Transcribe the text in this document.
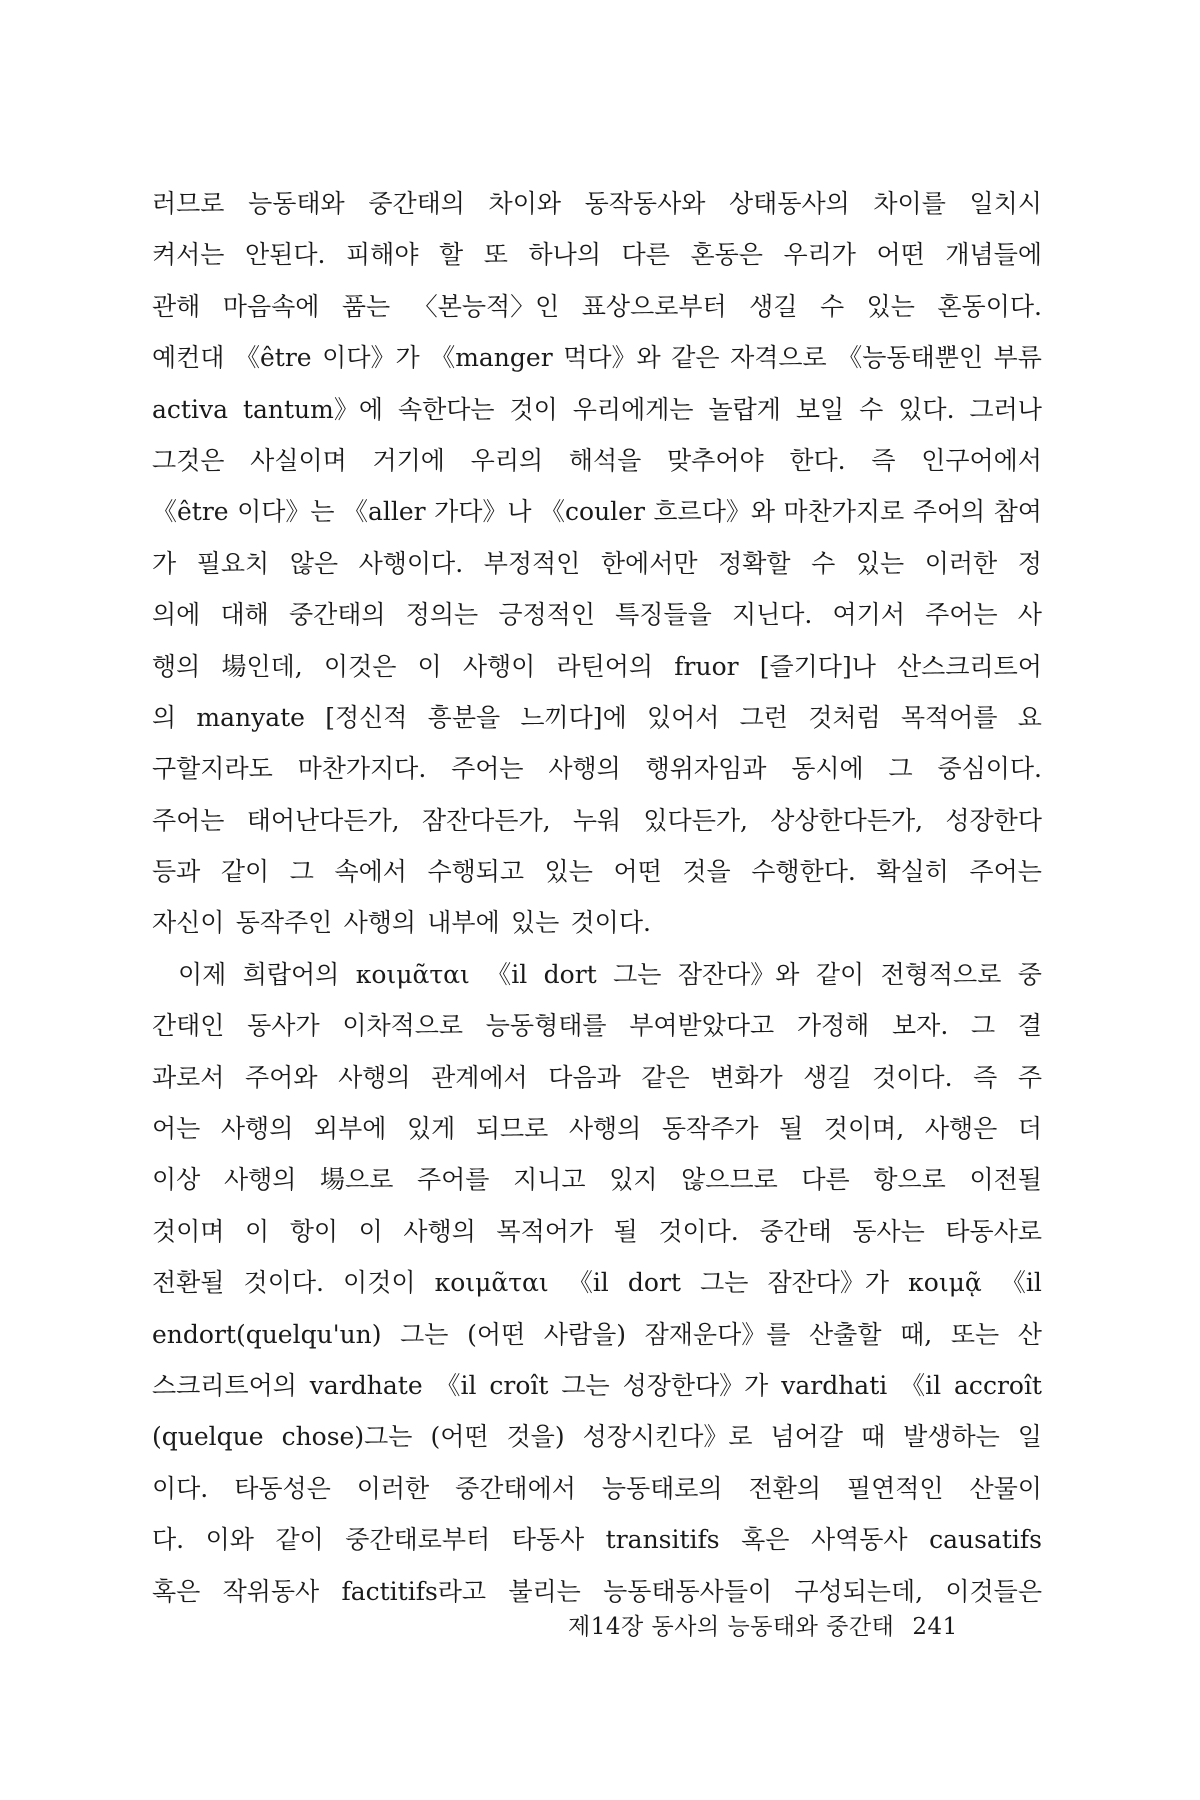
러므로 능동태와 중간태의 차이와 동작동사와 상태동사의 차이를 일치시
켜서는 안된다. 피해야 할 또 하나의 다른 혼동은 우리가 어떤 개념들에
관해 마음속에 품는 〈본능적〉인 표상으로부터 생길 수 있는 혼동이다.
예컨대 《être 이다》가 《manger 먹다》와 같은 자격으로 《능동태뿐인 부류
activa tantum》에 속한다는 것이 우리에게는 놀랍게 보일 수 있다. 그러나
그것은 사실이며 거기에 우리의 해석을 맞추어야 한다. 즉 인구어에서
《être 이다》는 《aller 가다》나 《couler 흐르다》와 마찬가지로 주어의 참여
가 필요치 않은 사행이다. 부정적인 한에서만 정확할 수 있는 이러한 정
의에 대해 중간태의 정의는 긍정적인 특징들을 지닌다. 여기서 주어는 사
행의 場인데, 이것은 이 사행이 라틴어의 fruor [즐기다]나 산스크리트어
의 manyate [정신적 흥분을 느끼다]에 있어서 그런 것처럼 목적어를 요
구할지라도 마찬가지다. 주어는 사행의 행위자임과 동시에 그 중심이다.
주어는 태어난다든가, 잠잔다든가, 누워 있다든가, 상상한다든가, 성장한다
등과 같이 그 속에서 수행되고 있는 어떤 것을 수행한다. 확실히 주어는
자신이 동작주인 사행의 내부에 있는 것이다.
이제 희랍어의 κοιμᾶται 《il dort 그는 잠잔다》와 같이 전형적으로 중
간태인 동사가 이차적으로 능동형태를 부여받았다고 가정해 보자. 그 결
과로서 주어와 사행의 관계에서 다음과 같은 변화가 생길 것이다. 즉 주
어는 사행의 외부에 있게 되므로 사행의 동작주가 될 것이며, 사행은 더
이상 사행의 場으로 주어를 지니고 있지 않으므로 다른 항으로 이전될
것이며 이 항이 이 사행의 목적어가 될 것이다. 중간태 동사는 타동사로
전환될 것이다. 이것이 κοιμᾶται 《il dort 그는 잠잔다》가 κοιμᾷ 《il
endort(quelqu'un) 그는 (어떤 사람을) 잠재운다》를 산출할 때, 또는 산
스크리트어의 vardhate 《il croît 그는 성장한다》가 vardhati 《il accroît
(quelque chose)그는 (어떤 것을) 성장시킨다》로 넘어갈 때 발생하는 일
이다. 타동성은 이러한 중간태에서 능동태로의 전환의 필연적인 산물이
다. 이와 같이 중간태로부터 타동사 transitifs 혹은 사역동사 causatifs
혹은 작위동사 factitifs라고 불리는 능동태동사들이 구성되는데, 이것들은
제14장 동사의 능동태와 중간태 241
